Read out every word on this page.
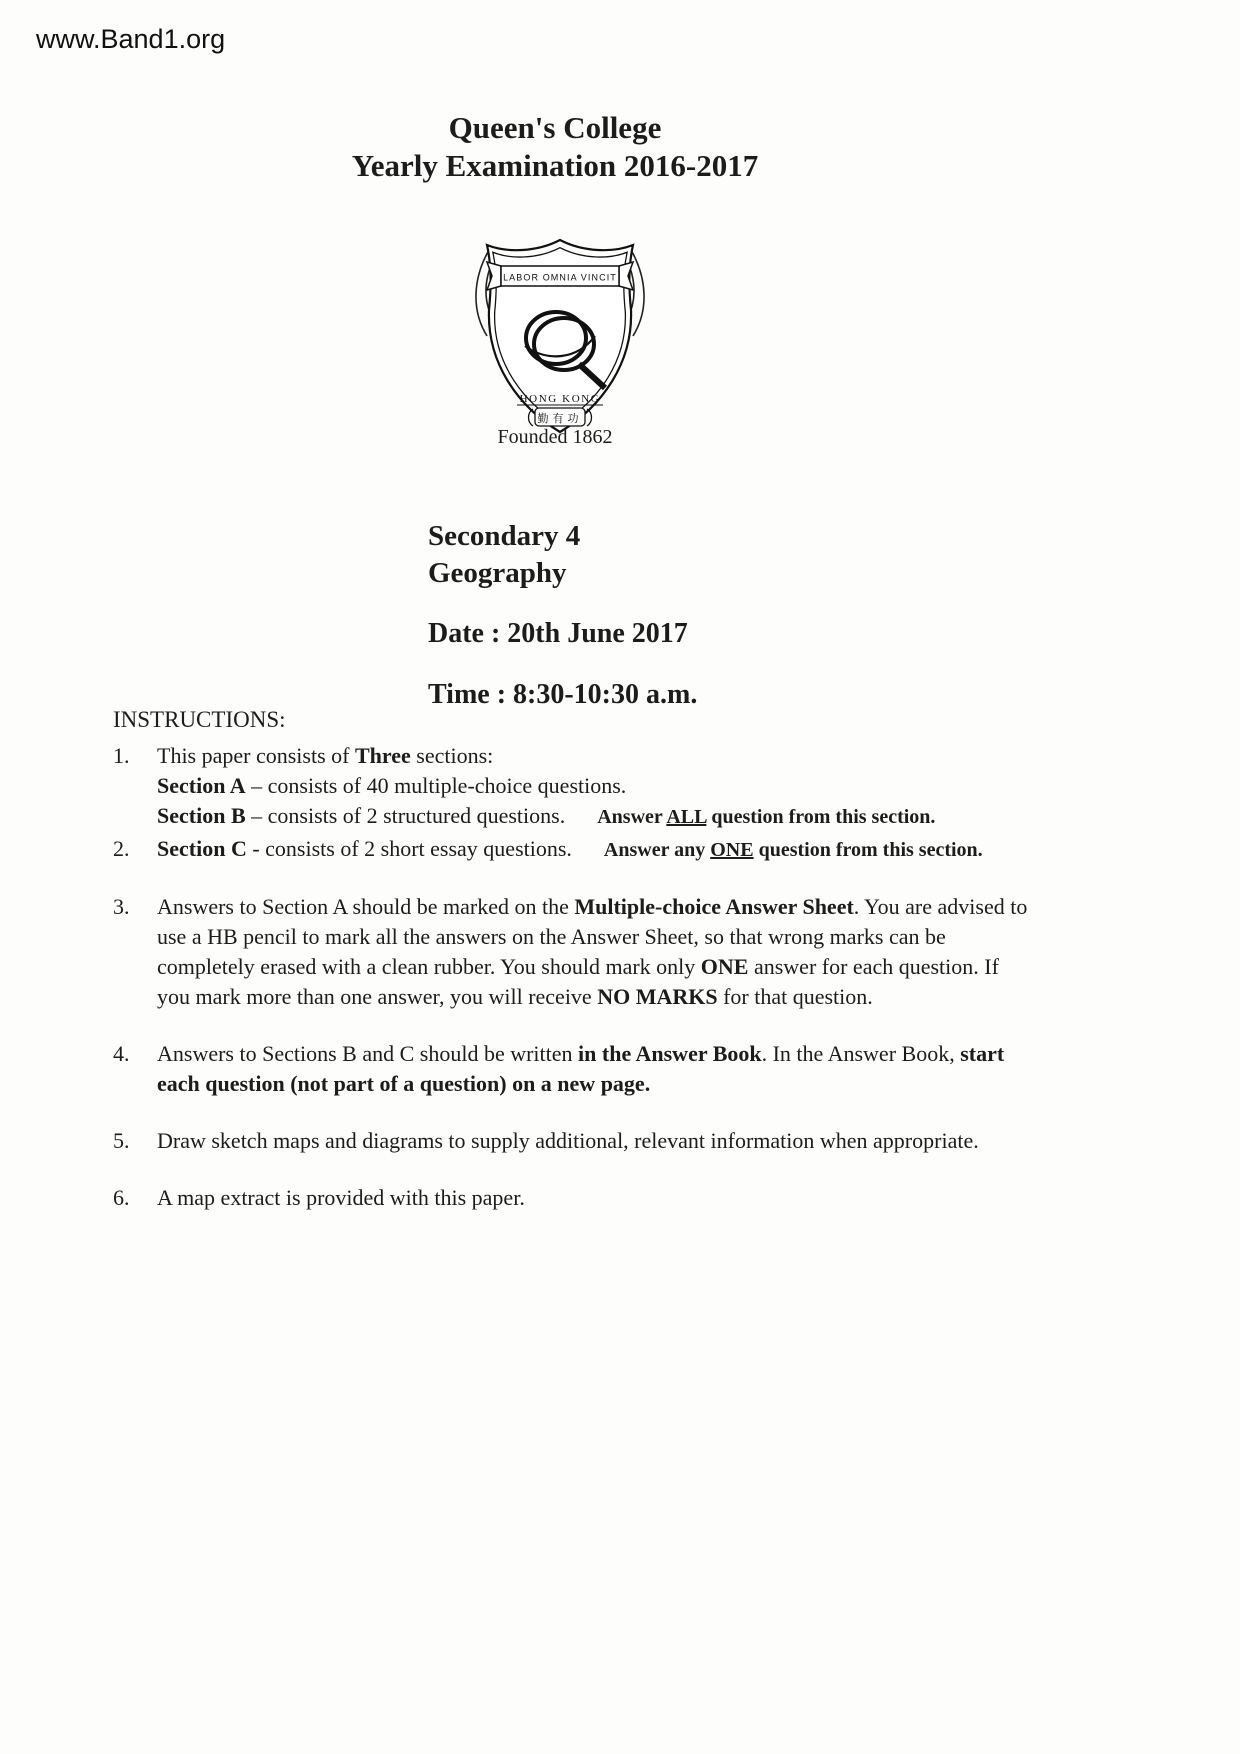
www.Band1.org
Queen's College
Yearly Examination 2016-2017
LABOR OMNIA VINCIT
HONG KONG
勤有功
Founded 1862
Secondary 4
Geography
Date : 20th June 2017
Time : 8:30-10:30 a.m.
INSTRUCTIONS:
1.	This paper consists of Three sections:
Section A – consists of 40 multiple-choice questions.
Section B – consists of 2 structured questions. Answer ALL question from this section.
2.	Section C - consists of 2 short essay questions. Answer any ONE question from this section.
3.	Answers to Section A should be marked on the Multiple-choice Answer Sheet. You are advised to use a HB pencil to mark all the answers on the Answer Sheet, so that wrong marks can be completely erased with a clean rubber. You should mark only ONE answer for each question. If you mark more than one answer, you will receive NO MARKS for that question.
4.	Answers to Sections B and C should be written in the Answer Book. In the Answer Book, start each question (not part of a question) on a new page.
5.	Draw sketch maps and diagrams to supply additional, relevant information when appropriate.
6.	A map extract is provided with this paper.
